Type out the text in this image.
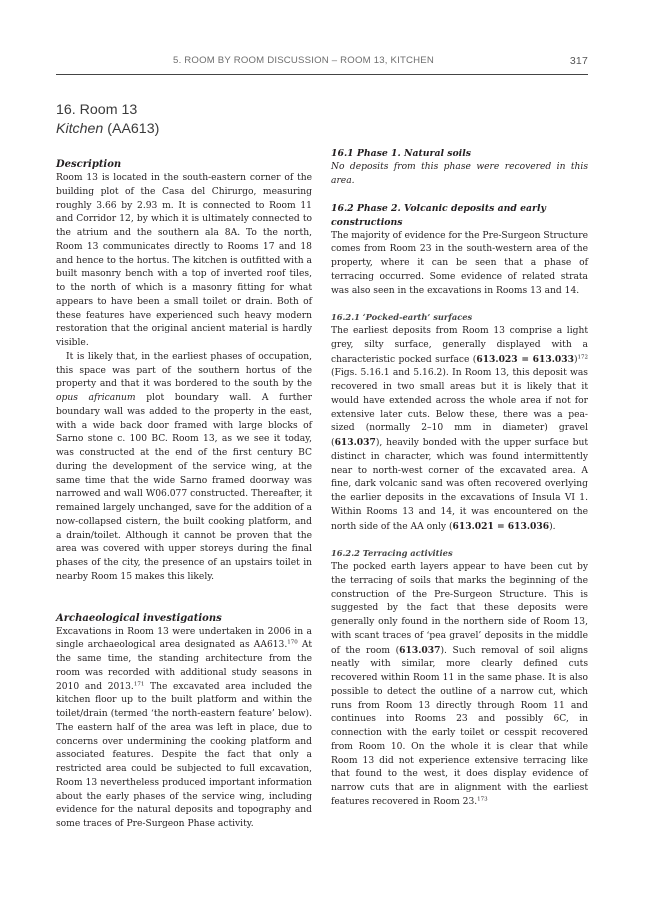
5. ROOM BY ROOM DISCUSSION – ROOM 13, KITCHEN	317
16. Room 13
Kitchen (AA613)
Description

Room 13 is located in the south-eastern corner of the building plot of the Casa del Chirurgo, measuring roughly 3.66 by 2.93 m. It is connected to Room 11 and Corridor 12, by which it is ultimately connected to the atrium and the southern ala 8A. To the north, Room 13 communicates directly to Rooms 17 and 18 and hence to the hortus. The kitchen is outfitted with a built masonry bench with a top of inverted roof tiles, to the north of which is a masonry fitting for what appears to have been a small toilet or drain. Both of these features have experienced such heavy modern restoration that the original ancient material is hardly visible.

It is likely that, in the earliest phases of occupation, this space was part of the southern hortus of the property and that it was bordered to the south by the opus africanum plot boundary wall. A further boundary wall was added to the property in the east, with a wide back door framed with large blocks of Sarno stone c. 100 BC. Room 13, as we see it today, was constructed at the end of the first century BC during the development of the service wing, at the same time that the wide Sarno framed doorway was narrowed and wall W06.077 constructed. Thereafter, it remained largely unchanged, save for the addition of a now-collapsed cistern, the built cooking platform, and a drain/toilet. Although it cannot be proven that the area was covered with upper storeys during the final phases of the city, the presence of an upstairs toilet in nearby Room 15 makes this likely.

Archaeological investigations

Excavations in Room 13 were undertaken in 2006 in a single archaeological area designated as AA613.$^{170}$ At the same time, the standing architecture from the room was recorded with additional study seasons in 2010 and 2013.$^{171}$ The excavated area included the kitchen floor up to the built platform and within the toilet/drain (termed ‘the north-eastern feature’ below). The eastern half of the area was left in place, due to concerns over undermining the cooking platform and associated features. Despite the fact that only a restricted area could be subjected to full excavation, Room 13 nevertheless produced important information about the early phases of the service wing, including evidence for the natural deposits and topography and some traces of Pre-Surgeon Phase activity.

16.1 Phase 1. Natural soils

No deposits from this phase were recovered in this area.

16.2 Phase 2. Volcanic deposits and early constructions

The majority of evidence for the Pre-Surgeon Structure comes from Room 23 in the south-western area of the property, where it can be seen that a phase of terracing occurred. Some evidence of related strata was also seen in the excavations in Rooms 13 and 14.

16.2.1 ‘Pocked-earth’ surfaces

The earliest deposits from Room 13 comprise a light grey, silty surface, generally displayed with a characteristic pocked surface (613.023 = 613.033)$^{172}$ (Figs. 5.16.1 and 5.16.2). In Room 13, this deposit was recovered in two small areas but it is likely that it would have extended across the whole area if not for extensive later cuts. Below these, there was a pea-sized (normally 2–10 mm in diameter) gravel (613.037), heavily bonded with the upper surface but distinct in character, which was found intermittently near to north-west corner of the excavated area. A fine, dark volcanic sand was often recovered overlying the earlier deposits in the excavations of Insula VI 1. Within Rooms 13 and 14, it was encountered on the north side of the AA only (613.021 = 613.036).

16.2.2 Terracing activities

The pocked earth layers appear to have been cut by the terracing of soils that marks the beginning of the construction of the Pre-Surgeon Structure. This is suggested by the fact that these deposits were generally only found in the northern side of Room 13, with scant traces of ‘pea gravel’ deposits in the middle of the room (613.037). Such removal of soil aligns neatly with similar, more clearly defined cuts recovered within Room 11 in the same phase. It is also possible to detect the outline of a narrow cut, which runs from Room 13 directly through Room 11 and continues into Rooms 23 and possibly 6C, in connection with the early toilet or cesspit recovered from Room 10. On the whole it is clear that while Room 13 did not experience extensive terracing like that found to the west, it does display evidence of narrow cuts that are in alignment with the earliest features recovered in Room 23.$^{173}$
